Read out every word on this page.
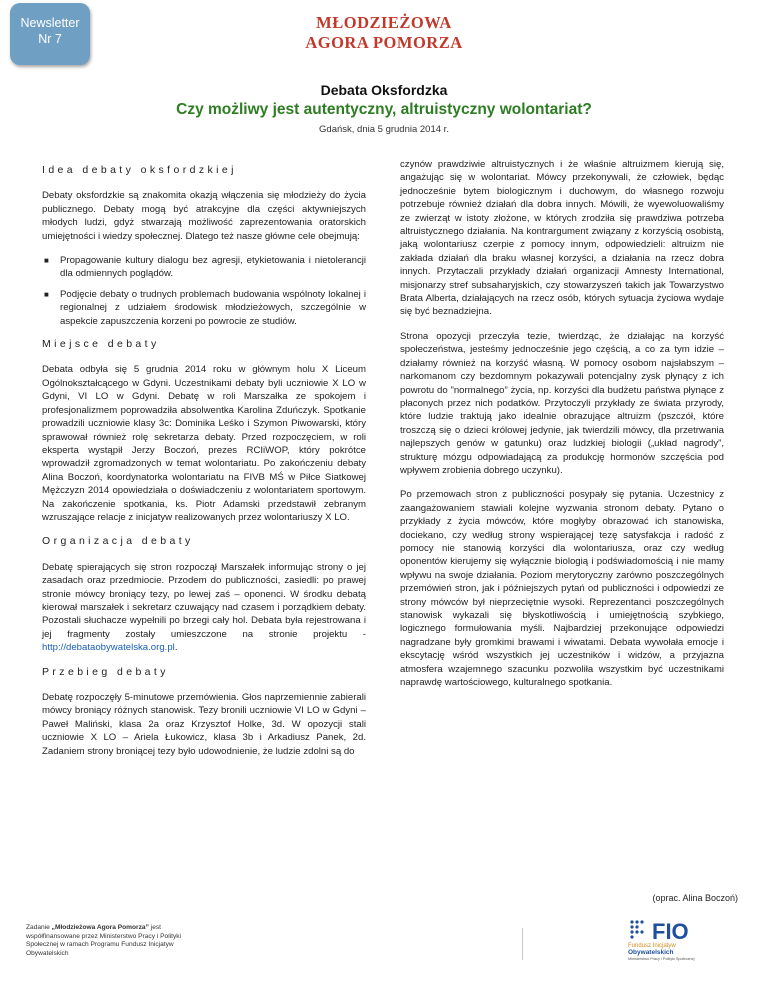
Newsletter
Nr 7
MŁODZIEŻOWA
AGORA POMORZA
Debata Oksfordzka
Czy możliwy jest autentyczny, altruistyczny wolontariat?
Gdańsk, dnia 5 grudnia 2014 r.
Idea debaty oksfordzkiej

Debaty oksfordzkie są znakomita okazją włączenia się młodzieży do życia publicznego. Debaty mogą być atrakcyjne dla części aktywniejszych młodych ludzi, gdyż stwarzają możliwość zaprezentowania oratorskich umiejętności i wiedzy społecznej. Dlatego też nasze główne cele obejmują:

■ Propagowanie kultury dialogu bez agresji, etykietowania i nietolerancji dla odmiennych poglądów.
■ Podjęcie debaty o trudnych problemach budowania wspólnoty lokalnej i regionalnej z udziałem środowisk młodzieżowych, szczególnie w aspekcie zapuszczenia korzeni po powrocie ze studiów.
Miejsce debaty

Debata odbyła się 5 grudnia 2014 roku w głównym holu X Liceum Ogólnokształcącego w Gdyni. Uczestnikami debaty byli uczniowie X LO w Gdyni, VI LO w Gdyni. Debatę w roli Marszałka ze spokojem i profesjonalizmem poprowadziła absolwentka Karolina Zduńczyk. Spotkanie prowadzili uczniowie klasy 3c: Dominika Leśko i Szymon Piwowarski, który sprawował również rolę sekretarza debaty. Przed rozpoczęciem, w roli eksperta wystąpił Jerzy Boczoń, prezes RCIiWOP, który pokrótce wprowadził zgromadzonych w temat wolontariatu. Po zakończeniu debaty Alina Boczoń, koordynatorka wolontariatu na FIVB MŚ w Piłce Siatkowej Mężczyzn 2014 opowiedziała o doświadczeniu z wolontariatem sportowym. Na zakończenie spotkania, ks. Piotr Adamski przedstawił zebranym wzruszające relacje z inicjatyw realizowanych przez wolontariuszy X LO.

Organizacja debaty

Debatę spierających się stron rozpoczął Marszałek informując strony o jej zasadach oraz przedmiocie. Przodem do publiczności, zasiedli: po prawej stronie mówcy broniący tezy, po lewej zaś – oponenci. W środku debatą kierował marszałek i sekretarz czuwający nad czasem i porządkiem debaty. Pozostali słuchacze wypełnili po brzegi cały hol. Debata była rejestrowana i jej fragmenty zostały umieszczone na stronie projektu - http://debataobywatelska.org.pl.

Przebieg debaty

Debatę rozpoczęły 5-minutowe przemówienia. Głos naprzemiennie zabierali mówcy broniący różnych stanowisk. Tezy bronili uczniowie VI LO w Gdyni – Paweł Maliński, klasa 2a oraz Krzysztof Holke, 3d. W opozycji stali uczniowie X LO – Ariela Łukowicz, klasa 3b i Arkadiusz Panek, 2d. Zadaniem strony broniącej tezy było udowodnienie, że ludzie zdolni są do

czynów prawdziwie altruistycznych i że właśnie altruizmem kierują się, angażując się w wolontariat. Mówcy przekonywali, że człowiek, będąc jednocześnie bytem biologicznym i duchowym, do własnego rozwoju potrzebuje również działań dla dobra innych. Mówili, że wyewoluowaliśmy ze zwierząt w istoty złożone, w których zrodziła się prawdziwa potrzeba altruistycznego działania. Na kontrargument związany z korzyścią osobistą, jaką wolontariusz czerpie z pomocy innym, odpowiedzieli: altruizm nie zakłada działań dla braku własnej korzyści, a działania na rzecz dobra innych. Przytaczali przykłady działań organizacji Amnesty International, misjonarzy stref subsaharyjskich, czy stowarzyszeń takich jak Towarzystwo Brata Alberta, działających na rzecz osób, których sytuacja życiowa wydaje się być beznadziejna.

Strona opozycji przeczyła tezie, twierdząc, że działając na korzyść społeczeństwa, jesteśmy jednocześnie jego częścią, a co za tym idzie – działamy również na korzyść własną. W pomocy osobom najsłabszym – narkomanom czy bezdomnym pokazywali potencjalny zysk płynący z ich powrotu do ”normalnego” życia, np. korzyści dla budżetu państwa płynące z płaconych przez nich podatków. Przytoczyli przykłady ze świata przyrody, które ludzie traktują jako idealnie obrazujące altruizm (pszczół, które troszczą się o dzieci królowej jedynie, jak twierdzili mówcy, dla przetrwania najlepszych genów w gatunku) oraz ludzkiej biologii („układ nagrody”, strukturę mózgu odpowiadającą za produkcję hormonów szczęścia pod wpływem zrobienia dobrego uczynku).

Po przemowach stron z publiczności posypały się pytania. Uczestnicy z zaangażowaniem stawiali kolejne wyzwania stronom debaty. Pytano o przykłady z życia mówców, które mogłyby obrazować ich stanowiska, dociekano, czy według strony wspierającej tezę satysfakcja i radość z pomocy nie stanowią korzyści dla wolontariusza, oraz czy według oponentów kierujemy się wyłącznie biologią i podświadomością i nie mamy wpływu na swoje działania. Poziom merytoryczny zarówno poszczególnych przemówień stron, jak i późniejszych pytań od publiczności i odpowiedzi ze strony mówców był nieprzeciętnie wysoki. Reprezentanci poszczególnych stanowisk wykazali się błyskotliwością i umiejętnością szybkiego, logicznego formułowania myśli. Najbardziej przekonujące odpowiedzi nagradzane były gromkimi brawami i wiwatami. Debata wywołała emocje i ekscytację wśród wszystkich jej uczestników i widzów, a przyjazna atmosfera wzajemnego szacunku pozwoliła wszystkim być uczestnikami naprawdę wartościowego, kulturalnego spotkania.

(oprac. Alina Boczoń)
Zadanie „Młodzieżowa Agora Pomorza” jest współfinansowane przez Ministerstwo Pracy i Polityki Społecznej w ramach Programu Fundusz Inicjatyw Obywatelskich
FIO
Fundusz Inicjatyw
Obywatelskich
Ministerstwo Pracy i Polityki Społecznej
